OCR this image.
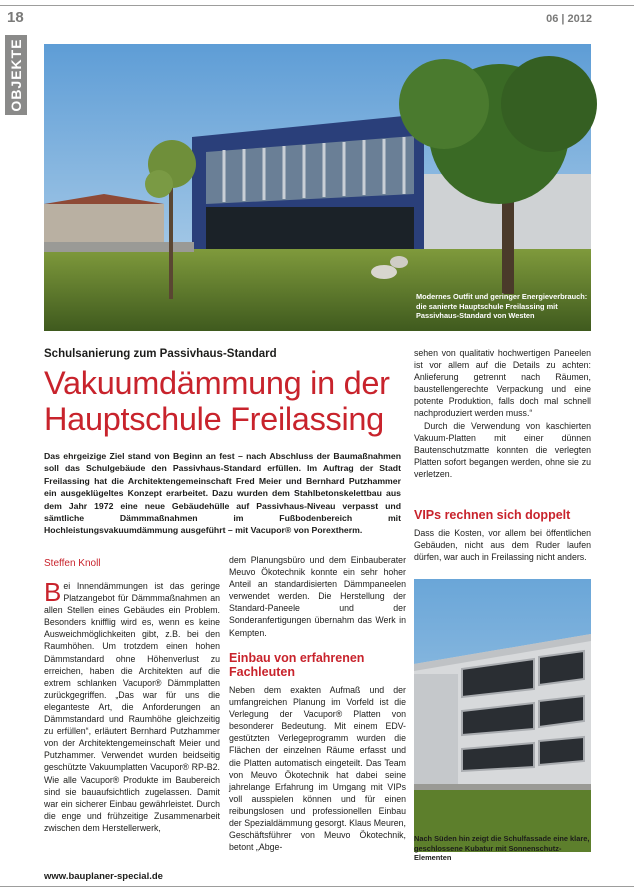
18	06 | 2012
OBJEKTE
Modernes Outfit und geringer Energieverbrauch: die sanierte Hauptschule Freilassing mit Passivhaus-Standard von Westen
Schulsanierung zum Passivhaus-Standard
Vakuumdämmung in der Hauptschule Freilassing
Das ehrgeizige Ziel stand von Beginn an fest – nach Abschluss der Baumaßnahmen soll das Schulgebäude den Passivhaus-Standard erfüllen. Im Auftrag der Stadt Freilassing hat die Architektengemeinschaft Fred Meier und Bernhard Putzhammer ein ausgeklügeltes Konzept erarbeitet. Dazu wurden dem Stahlbetonskelettbau aus dem Jahr 1972 eine neue Gebäudehülle auf Passivhaus-Niveau verpasst und sämtliche Dämmmaßnahmen im Fußbodenbereich mit Hochleistungsvakuumdämmung ausgeführt – mit Vacupor® von Porextherm.
Steffen Knoll

Bei Innendämmungen ist das geringe Platzangebot für Dämmmaßnahmen an allen Stellen eines Gebäudes ein Problem. Besonders knifflig wird es, wenn es keine Ausweichmöglichkeiten gibt, z.B. bei den Raumhöhen. Um trotzdem einen hohen Dämmstandard ohne Höhenverlust zu erreichen, haben die Architekten auf die extrem schlanken Vacupor® Dämmplatten zurückgegriffen. „Das war für uns die eleganteste Art, die Anforderungen an Dämmstandard und Raumhöhe gleichzeitig zu erfüllen“, erläutert Bernhard Putzhammer von der Architektengemeinschaft Meier und Putzhammer. Verwendet wurden beidseitig geschützte Vakuumplatten Vacupor® RP-B2. Wie alle Vacupor® Produkte im Baubereich sind sie bauaufsichtlich zugelassen. Damit war ein sicherer Einbau gewährleistet. Durch die enge und frühzeitige Zusammenarbeit zwischen dem Herstellerwerk,

dem Planungsbüro und dem Einbauberater Meuvo Ökotechnik konnte ein sehr hoher Anteil an standardisierten Dämmpaneelen verwendet werden. Die Herstellung der Standard-Paneele und der Sonderanfertigungen übernahm das Werk in Kempten.

Einbau von erfahrenen Fachleuten

Neben dem exakten Aufmaß und der umfangreichen Planung im Vorfeld ist die Verlegung der Vacupor® Platten von besonderer Bedeutung. Mit einem EDV-gestützten Verlegeprogramm wurden die Flächen der einzelnen Räume erfasst und die Platten automatisch eingeteilt. Das Team von Meuvo Ökotechnik hat dabei seine jahrelange Erfahrung im Umgang mit VIPs voll ausspielen können und für einen reibungslosen und professionellen Einbau der Spezialdämmung gesorgt. Klaus Meuren, Geschäftsführer von Meuvo Ökotechnik, betont „Abge-

sehen von qualitativ hochwertigen Paneelen ist vor allem auf die Details zu achten: Anlieferung getrennt nach Räumen, baustellengerechte Verpackung und eine potente Produktion, falls doch mal schnell nachproduziert werden muss.“

Durch die Verwendung von kaschierten Vakuum-Platten mit einer dünnen Bautenschutzmatte konnten die verlegten Platten sofort begangen werden, ohne sie zu verletzen.

VIPs rechnen sich doppelt

Dass die Kosten, vor allem bei öffentlichen Gebäuden, nicht aus dem Ruder laufen dürfen, war auch in Freilassing nicht anders.

Nach Süden hin zeigt die Schulfassade eine klare, geschlossene Kubatur mit Sonnenschutz-Elementen
www.bauplaner-special.de
